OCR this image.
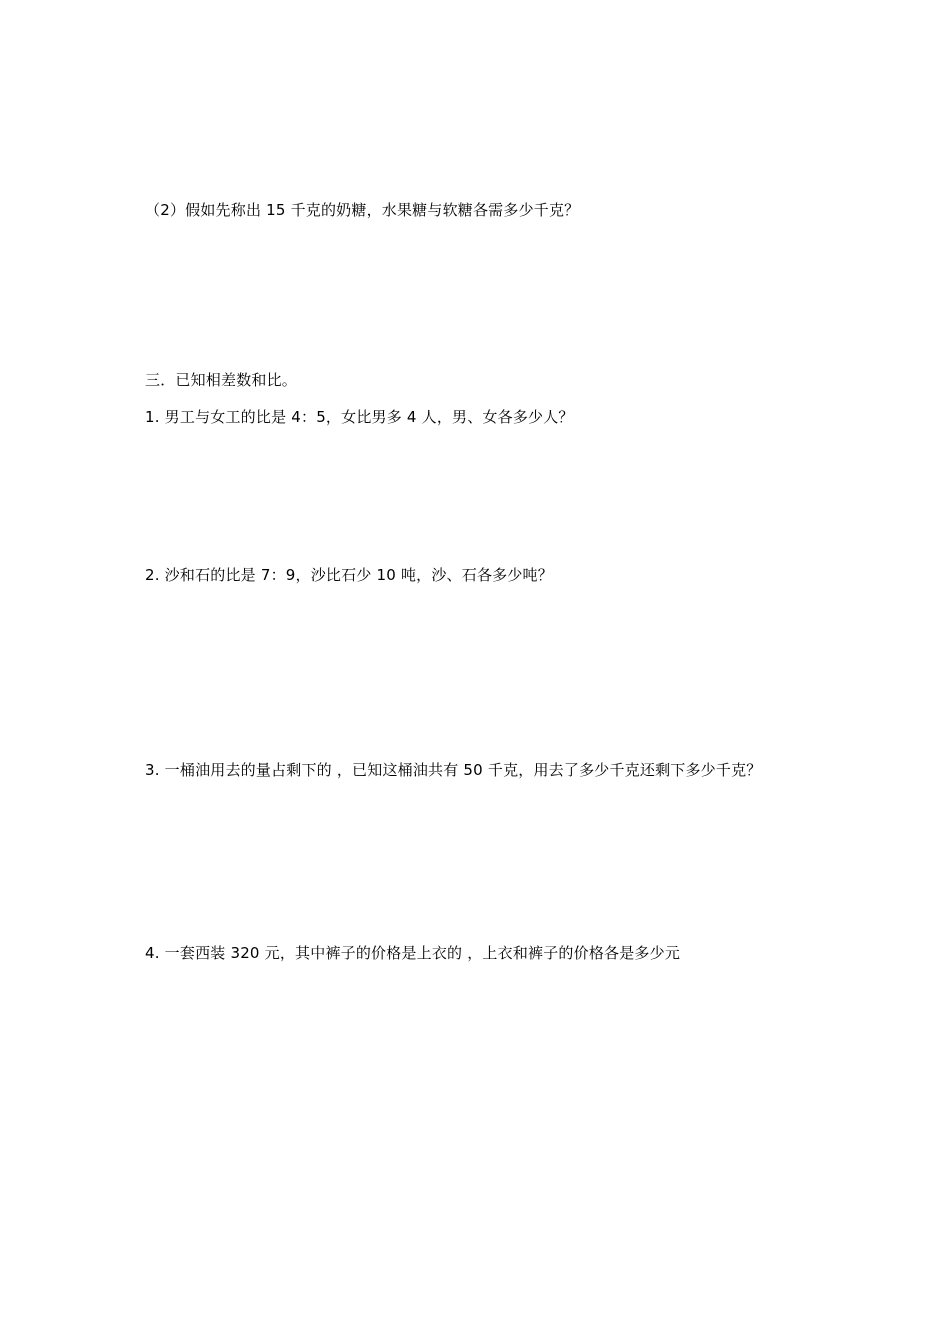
（2）假如先称出 15 千克的奶糖，水果糖与软糖各需多少千克？
三．已知相差数和比。
1. 男工与女工的比是 4：5，女比男多 4 人，男、女各多少人？
2. 沙和石的比是 7：9，沙比石少 10 吨，沙、石各多少吨？
3. 一桶油用去的量占剩下的 ，已知这桶油共有 50 千克，用去了多少千克还剩下多少千克？
4. 一套西装 320 元，其中裤子的价格是上衣的 ，上衣和裤子的价格各是多少元
